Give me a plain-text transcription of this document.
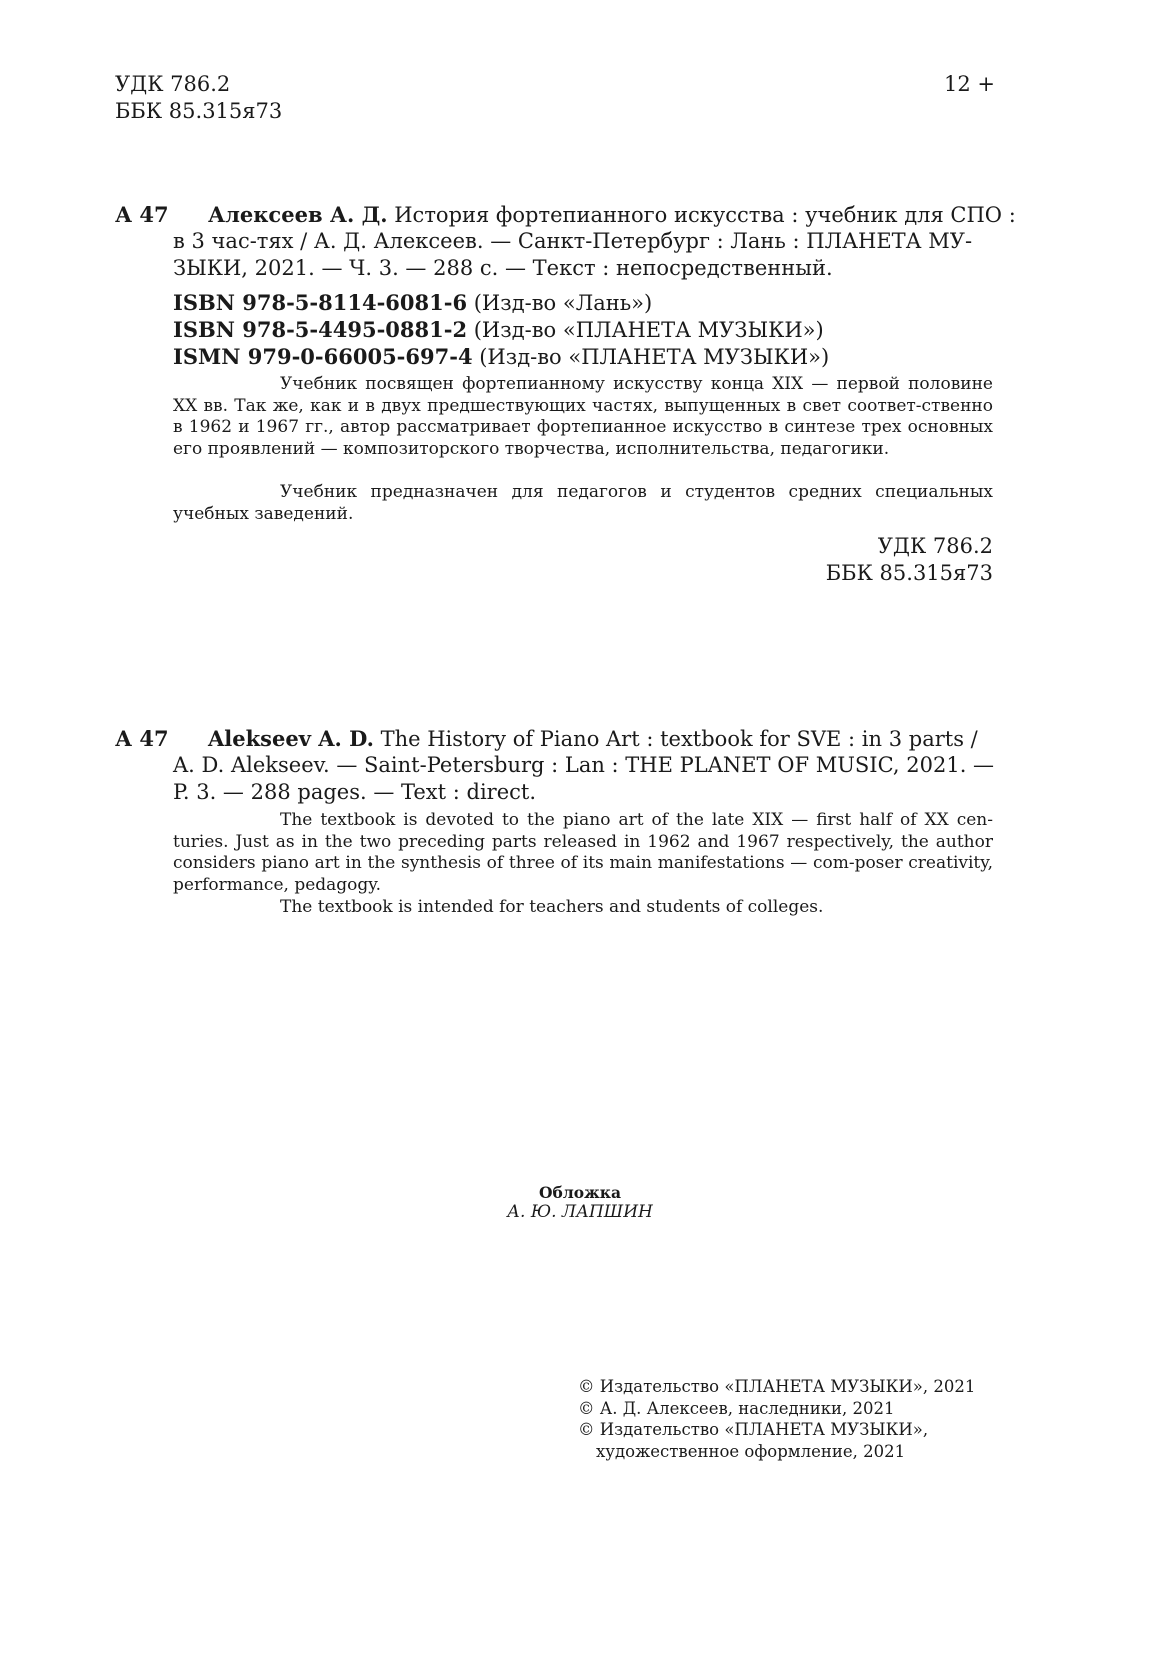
УДК 786.2
ББК 85.315я73
12 +
А 47 Алексеев А. Д. История фортепианного искусства : учебник для СПО :
в 3 час-тях / А. Д. Алексеев. — Санкт-Петербург : Лань : ПЛАНЕТА МУ-
ЗЫКИ, 2021. — Ч. 3. — 288 с. — Текст : непосредственный.
ISBN 978-5-8114-6081-6 (Изд-во «Лань»)
ISBN 978-5-4495-0881-2 (Изд-во «ПЛАНЕТА МУЗЫКИ»)
ISMN 979-0-66005-697-4 (Изд-во «ПЛАНЕТА МУЗЫКИ»)
Учебник посвящен фортепианному искусству конца XIX — первой половине XX вв. Так же, как и в двух предшествующих частях, выпущенных в свет соответ-ственно в 1962 и 1967 гг., автор рассматривает фортепианное искусство в синтезе трех основных его проявлений — композиторского творчества, исполнительства, педагогики.
Учебник предназначен для педагогов и студентов средних специальных учебных заведений.
УДК 786.2
ББК 85.315я73
А 47 Alekseev A. D. The History of Piano Art : textbook for SVE : in 3 parts /
A. D. Alekseev. — Saint-Petersburg : Lan : THE PLANET OF MUSIC, 2021. —
P. 3. — 288 pages. — Text : direct.
The textbook is devoted to the piano art of the late XIX — first half of XX cen-turies. Just as in the two preceding parts released in 1962 and 1967 respectively, the author considers piano art in the synthesis of three of its main manifestations — com-poser creativity, performance, pedagogy.
The textbook is intended for teachers and students of colleges.
Обложка
А. Ю. ЛАПШИН
© Издательство «ПЛАНЕТА МУЗЫКИ», 2021
© А. Д. Алексеев, наследники, 2021
© Издательство «ПЛАНЕТА МУЗЫКИ»,
художественное оформление, 2021
